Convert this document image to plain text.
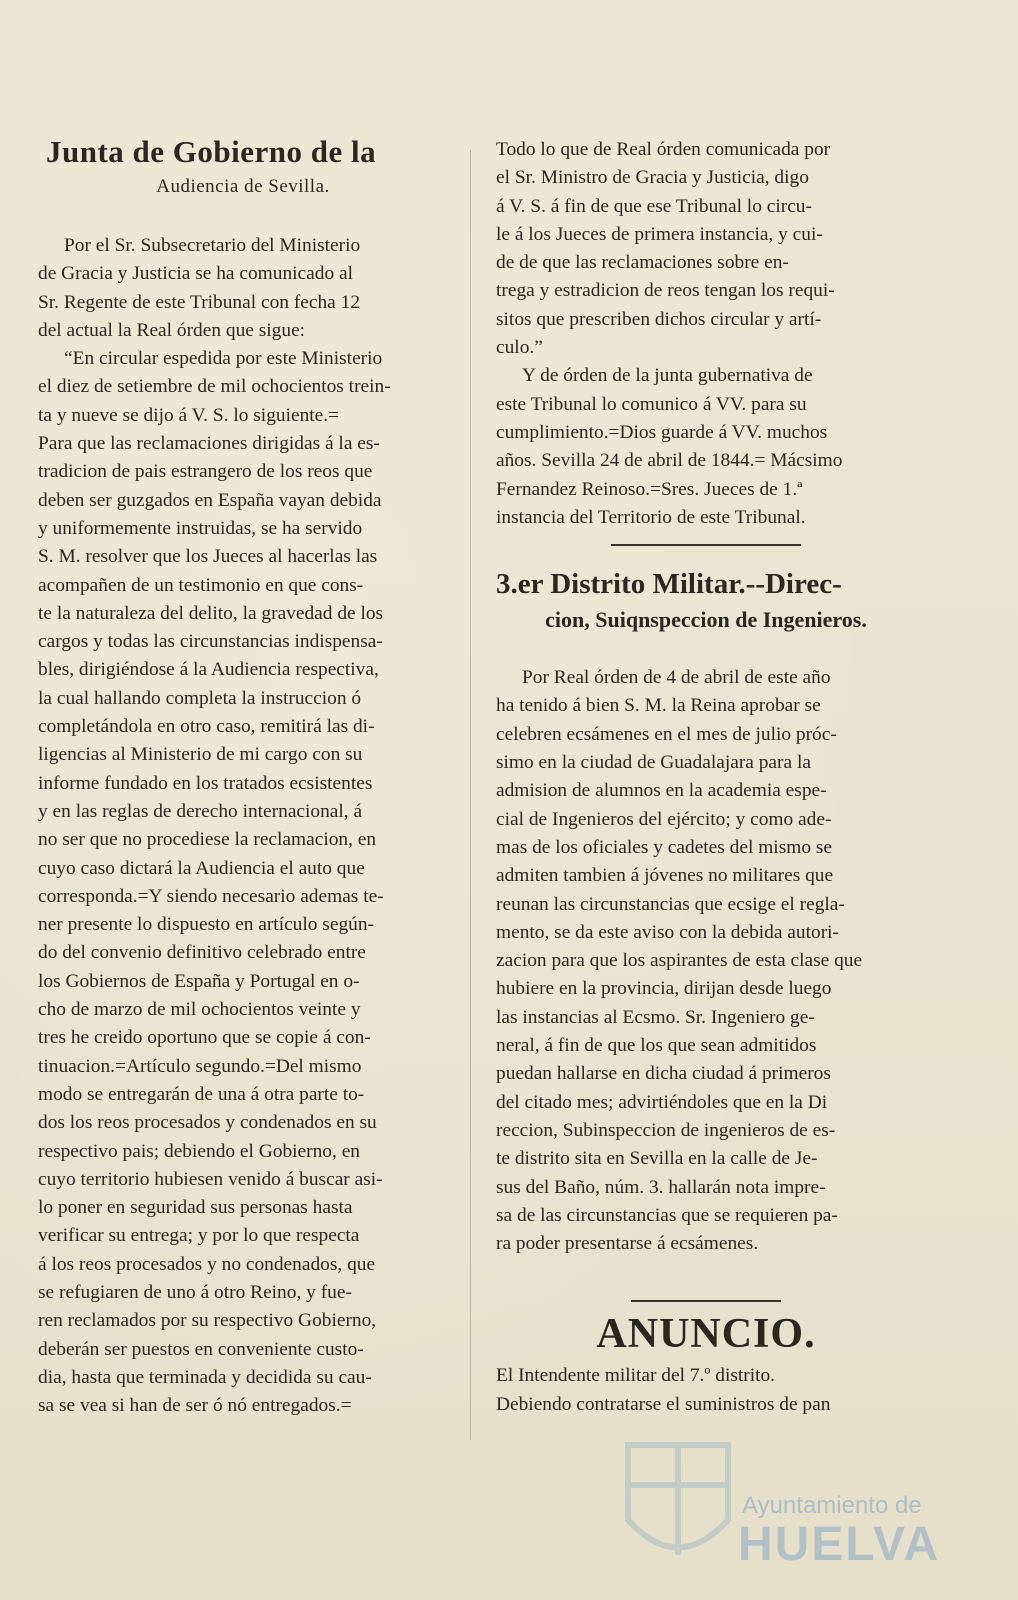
Junta de Gobierno de la
Audiencia de Sevilla.
Por el Sr. Subsecretario del Ministerio
de Gracia y Justicia se ha comunicado al
Sr. Regente de este Tribunal con fecha 12
del actual la Real órden que sigue:
“En circular espedida por este Ministerio
el diez de setiembre de mil ochocientos trein-
ta y nueve se dijo á V. S. lo siguiente.=
Para que las reclamaciones dirigidas á la es-
tradicion de pais estrangero de los reos que
deben ser guzgados en España vayan debida
y uniformemente instruidas, se ha servido
S. M. resolver que los Jueces al hacerlas las
acompañen de un testimonio en que cons-
te la naturaleza del delito, la gravedad de los
cargos y todas las circunstancias indispensa-
bles, dirigiéndose á la Audiencia respectiva,
la cual hallando completa la instruccion ó
completándola en otro caso, remitirá las di-
ligencias al Ministerio de mi cargo con su
informe fundado en los tratados ecsistentes
y en las reglas de derecho internacional, á
no ser que no procediese la reclamacion, en
cuyo caso dictará la Audiencia el auto que
corresponda.=Y siendo necesario ademas te-
ner presente lo dispuesto en artículo según-
do del convenio definitivo celebrado entre
los Gobiernos de España y Portugal en o-
cho de marzo de mil ochocientos veinte y
tres he creido oportuno que se copie á con-
tinuacion.=Artículo segundo.=Del mismo
modo se entregarán de una á otra parte to-
dos los reos procesados y condenados en su
respectivo pais; debiendo el Gobierno, en
cuyo territorio hubiesen venido á buscar asi-
lo poner en seguridad sus personas hasta
verificar su entrega; y por lo que respecta
á los reos procesados y no condenados, que
se refugiaren de uno á otro Reino, y fue-
ren reclamados por su respectivo Gobierno,
deberán ser puestos en conveniente custo-
dia, hasta que terminada y decidida su cau-
sa se vea si han de ser ó nó entregados.=
Todo lo que de Real órden comunicada por
el Sr. Ministro de Gracia y Justicia, digo
á V. S. á fin de que ese Tribunal lo circu-
le á los Jueces de primera instancia, y cui-
de de que las reclamaciones sobre en-
trega y estradicion de reos tengan los requi-
sitos que prescriben dichos circular y artí-
culo.”
Y de órden de la junta gubernativa de
este Tribunal lo comunico á VV. para su
cumplimiento.=Dios guarde á VV. muchos
años. Sevilla 24 de abril de 1844.= Mácsimo
Fernandez Reinoso.=Sres. Jueces de 1.ª
instancia del Territorio de este Tribunal.
3.er Distrito Militar.--Direc-
cion, Suiqnspeccion de Ingenieros.
Por Real órden de 4 de abril de este año
ha tenido á bien S. M. la Reina aprobar se
celebren ecsámenes en el mes de julio próc-
simo en la ciudad de Guadalajara para la
admision de alumnos en la academia espe-
cial de Ingenieros del ejército; y como ade-
mas de los oficiales y cadetes del mismo se
admiten tambien á jóvenes no militares que
reunan las circunstancias que ecsige el regla-
mento, se da este aviso con la debida autori-
zacion para que los aspirantes de esta clase que
hubiere en la provincia, dirijan desde luego
las instancias al Ecsmo. Sr. Ingeniero ge-
neral, á fin de que los que sean admitidos
puedan hallarse en dicha ciudad á primeros
del citado mes; advirtiéndoles que en la Di
reccion, Subinspeccion de ingenieros de es-
te distrito sita en Sevilla en la calle de Je-
sus del Baño, núm. 3. hallarán nota impre-
sa de las circunstancias que se requieren pa-
ra poder presentarse á ecsámenes.
ANUNCIO.
El Intendente militar del 7.º distrito.
Debiendo contratarse el suministros de pan
Ayuntamiento de
HUELVA
